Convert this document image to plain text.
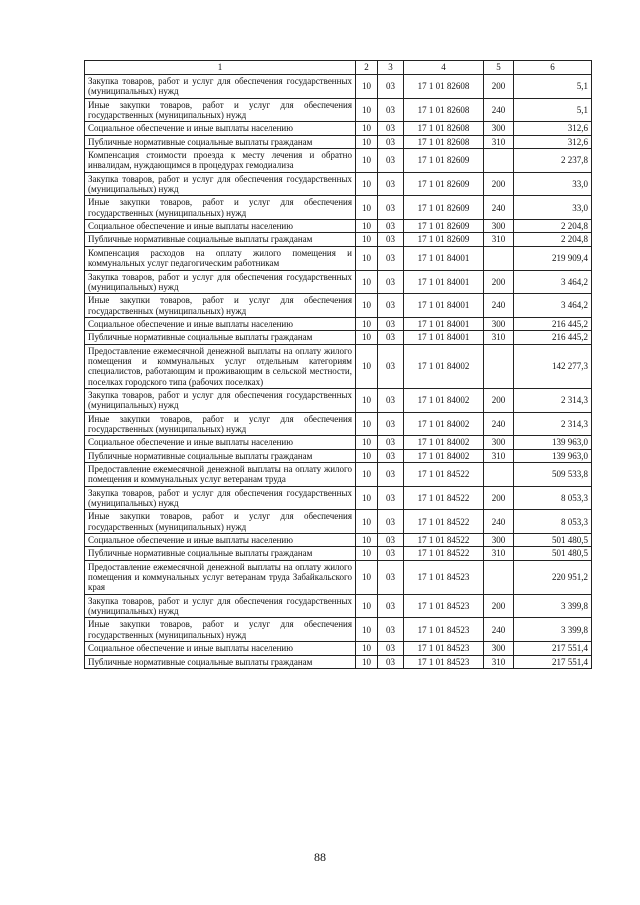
1	2	3	4	5	6
Закупка товаров, работ и услуг для обеспечения государственных (муниципальных) нужд	10	03	17 1 01 82608	200	5,1
Иные закупки товаров, работ и услуг для обеспечения государственных (муниципальных) нужд	10	03	17 1 01 82608	240	5,1
Социальное обеспечение и иные выплаты населению	10	03	17 1 01 82608	300	312,6
Публичные нормативные социальные выплаты гражданам	10	03	17 1 01 82608	310	312,6
Компенсация стоимости проезда к месту лечения и обратно инвалидам, нуждающимся в процедурах гемодиализа	10	03	17 1 01 82609		2 237,8
Закупка товаров, работ и услуг для обеспечения государственных (муниципальных) нужд	10	03	17 1 01 82609	200	33,0
Иные закупки товаров, работ и услуг для обеспечения государственных (муниципальных) нужд	10	03	17 1 01 82609	240	33,0
Социальное обеспечение и иные выплаты населению	10	03	17 1 01 82609	300	2 204,8
Публичные нормативные социальные выплаты гражданам	10	03	17 1 01 82609	310	2 204,8
Компенсация расходов на оплату жилого помещения и коммунальных услуг педагогическим работникам	10	03	17 1 01 84001		219 909,4
Закупка товаров, работ и услуг для обеспечения государственных (муниципальных) нужд	10	03	17 1 01 84001	200	3 464,2
Иные закупки товаров, работ и услуг для обеспечения государственных (муниципальных) нужд	10	03	17 1 01 84001	240	3 464,2
Социальное обеспечение и иные выплаты населению	10	03	17 1 01 84001	300	216 445,2
Публичные нормативные социальные выплаты гражданам	10	03	17 1 01 84001	310	216 445,2
Предоставление ежемесячной денежной выплаты на оплату жилого помещения и коммунальных услуг отдельным категориям специалистов, работающим и проживающим в сельской местности, поселках городского типа (рабочих поселках)	10	03	17 1 01 84002		142 277,3
Закупка товаров, работ и услуг для обеспечения государственных (муниципальных) нужд	10	03	17 1 01 84002	200	2 314,3
Иные закупки товаров, работ и услуг для обеспечения государственных (муниципальных) нужд	10	03	17 1 01 84002	240	2 314,3
Социальное обеспечение и иные выплаты населению	10	03	17 1 01 84002	300	139 963,0
Публичные нормативные социальные выплаты гражданам	10	03	17 1 01 84002	310	139 963,0
Предоставление ежемесячной денежной выплаты на оплату жилого помещения и коммунальных услуг ветеранам труда	10	03	17 1 01 84522		509 533,8
Закупка товаров, работ и услуг для обеспечения государственных (муниципальных) нужд	10	03	17 1 01 84522	200	8 053,3
Иные закупки товаров, работ и услуг для обеспечения государственных (муниципальных) нужд	10	03	17 1 01 84522	240	8 053,3
Социальное обеспечение и иные выплаты населению	10	03	17 1 01 84522	300	501 480,5
Публичные нормативные социальные выплаты гражданам	10	03	17 1 01 84522	310	501 480,5
Предоставление ежемесячной денежной выплаты на оплату жилого помещения и коммунальных услуг ветеранам труда Забайкальского края	10	03	17 1 01 84523		220 951,2
Закупка товаров, работ и услуг для обеспечения государственных (муниципальных) нужд	10	03	17 1 01 84523	200	3 399,8
Иные закупки товаров, работ и услуг для обеспечения государственных (муниципальных) нужд	10	03	17 1 01 84523	240	3 399,8
Социальное обеспечение и иные выплаты населению	10	03	17 1 01 84523	300	217 551,4
Публичные нормативные социальные выплаты гражданам	10	03	17 1 01 84523	310	217 551,4
88
